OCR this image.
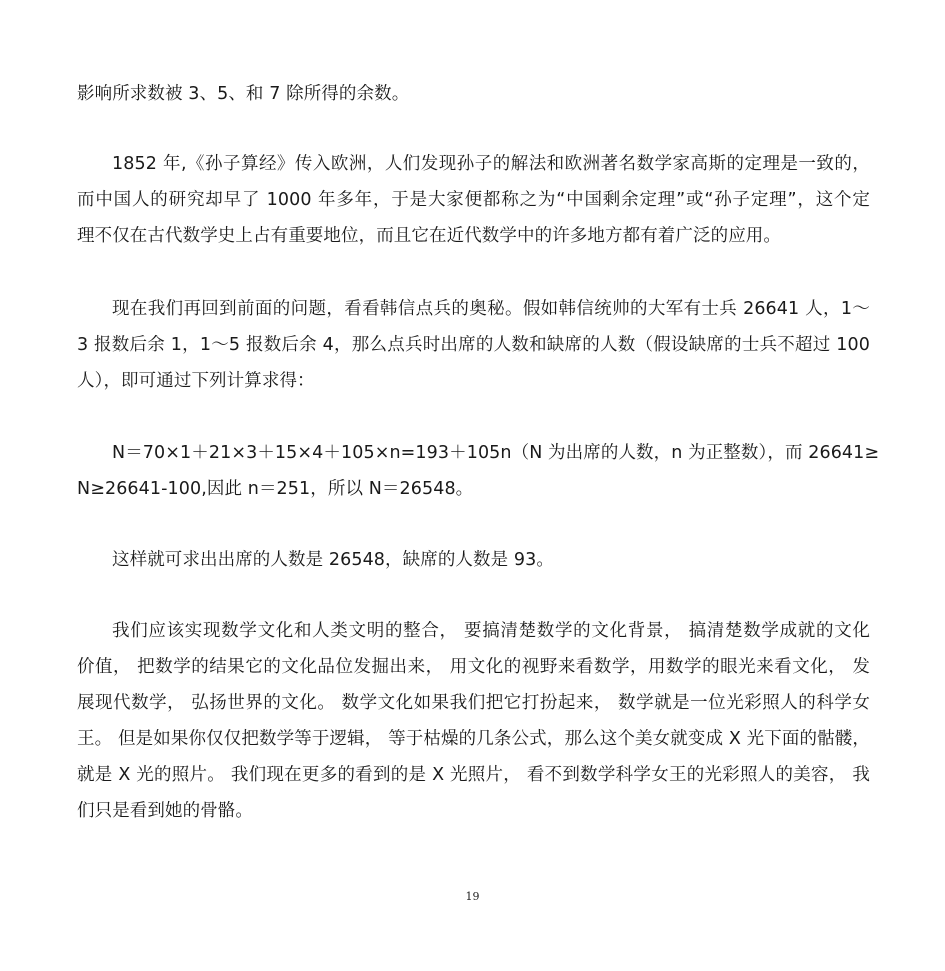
影响所求数被 3、5、和 7 除所得的余数。
1852 年,《孙子算经》传入欧洲，人们发现孙子的解法和欧洲著名数学家高斯的定理是一致的，
而中国人的研究却早了 1000 年多年，于是大家便都称之为“中国剩余定理”或“孙子定理”，这个定
理不仅在古代数学史上占有重要地位，而且它在近代数学中的许多地方都有着广泛的应用。
现在我们再回到前面的问题，看看韩信点兵的奥秘。假如韩信统帅的大军有士兵 26641 人，1～
3 报数后余 1，1～5 报数后余 4，那么点兵时出席的人数和缺席的人数（假设缺席的士兵不超过 100
人），即可通过下列计算求得：
N＝70×1＋21×3＋15×4＋105×n=193＋105n（N 为出席的人数，n 为正整数），而 26641≥
N≥26641-100,因此 n＝251，所以 N＝26548。
这样就可求出出席的人数是 26548，缺席的人数是 93。
我们应该实现数学文化和人类文明的整合， 要搞清楚数学的文化背景， 搞清楚数学成就的文化
价值， 把数学的结果它的文化品位发掘出来， 用文化的视野来看数学，用数学的眼光来看文化， 发
展现代数学， 弘扬世界的文化。 数学文化如果我们把它打扮起来， 数学就是一位光彩照人的科学女
王。 但是如果你仅仅把数学等于逻辑， 等于枯燥的几条公式，那么这个美女就变成 X 光下面的骷髅，
就是 X 光的照片。 我们现在更多的看到的是 X 光照片， 看不到数学科学女王的光彩照人的美容， 我
们只是看到她的骨骼。
19
